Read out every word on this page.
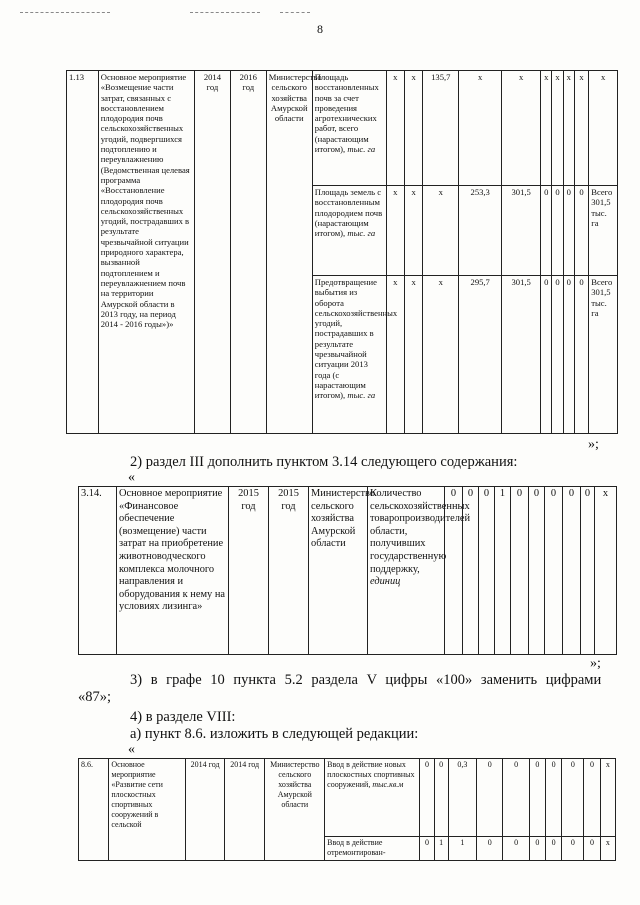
8
1.13	Основное мероприятие «Возмещение части затрат, связанных с восстановлением плодородия почв сельскохозяйственных угодий, подвергшихся подтоплению и переувлажнению (Ведомственная целевая программа «Восстановление плодородия почв сельскохозяйственных угодий, пострадавших в результате чрезвычайной ситуации природного характера, вызванной подтоплением и переувлажнением почв на территории Амурской области в 2013 году, на период 2014 - 2016 годы»)»	2014 год	2016 год	Министерство сельского хозяйства Амурской области	Площадь восстановленных почв за счет проведения агротехнических работ, всего (нарастающим итогом), тыс. га	x	x	135,7	x	x	x	x	x	x	x
					Площадь земель с восстановленным плодородием почв (нарастающим итогом), тыс. га	x	x	x	253,3	301,5	0	0	0	0	Всего 301,5 тыс. га
					Предотвращение выбытия из оборота сельскохозяйственных угодий, пострадавших в результате чрезвычайной ситуации 2013 года (с нарастающим итогом), тыс. га	x	x	x	295,7	301,5	0	0	0	0	Всего 301,5 тыс. га
»;
2) раздел III дополнить пунктом 3.14 следующего содержания:
«
3.14.	Основное мероприятие «Финансовое обеспечение (возмещение) части затрат на приобретение животноводческого комплекса молочного направления и оборудования к нему на условиях лизинга»	2015 год	2015 год	Министерство сельского хозяйства Амурской области	Количество сельскохозяйственных товаропроизводителей области, получивших государственную поддержку, единиц	0	0	0	1	0	0	0	0	0	x
»;
3) в графе 10 пункта 5.2 раздела V цифры «100» заменить цифрами
«87»;
4) в разделе VIII:
а) пункт 8.6. изложить в следующей редакции:
«
8.6.	Основное мероприятие «Развитие сети плоскостных спортивных сооружений в сельской	2014 год	2014 год	Министерство сельского хозяйства Амурской области	Ввод в действие новых плоскостных спортивных сооружений, тыс.кв.м	0	0	0,3	0	0	0	0	0	0	x
					Ввод в действие отремонтирован-	0	1	1	0	0	0	0	0	0	x
